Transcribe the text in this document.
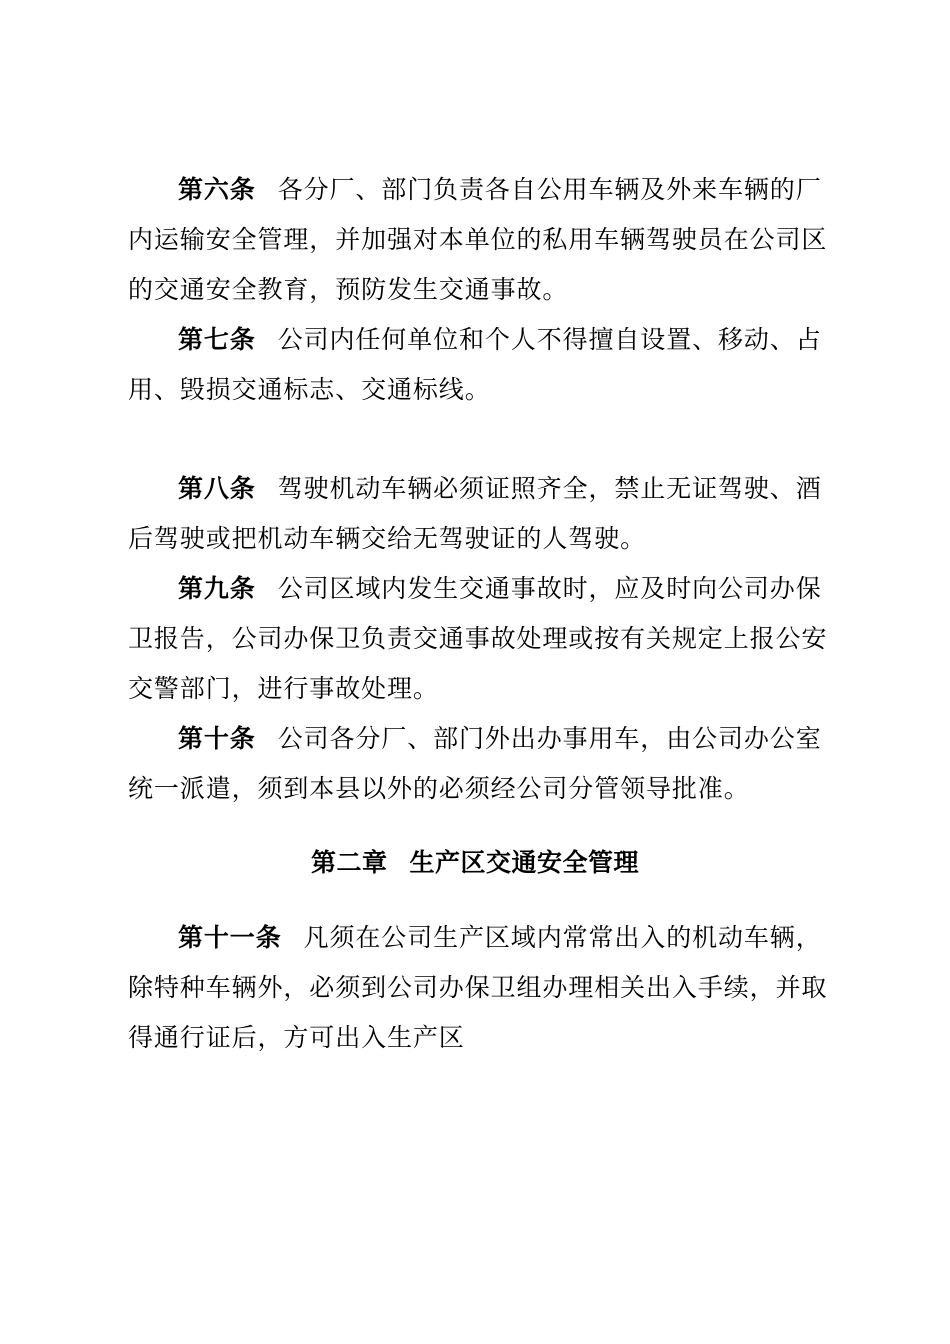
第六条 各分厂、部门负责各自公用车辆及外来车辆的厂
内运输安全管理，并加强对本单位的私用车辆驾驶员在公司区
的交通安全教育，预防发生交通事故。
第七条 公司内任何单位和个人不得擅自设置、移动、占
用、毁损交通标志、交通标线。
第八条 驾驶机动车辆必须证照齐全，禁止无证驾驶、酒
后驾驶或把机动车辆交给无驾驶证的人驾驶。
第九条 公司区域内发生交通事故时，应及时向公司办保
卫报告，公司办保卫负责交通事故处理或按有关规定上报公安
交警部门，进行事故处理。
第十条 公司各分厂、部门外出办事用车，由公司办公室
统一派遣，须到本县以外的必须经公司分管领导批准。
第二章 生产区交通安全管理
第十一条 凡须在公司生产区域内常常出入的机动车辆，
除特种车辆外，必须到公司办保卫组办理相关出入手续，并取
得通行证后，方可出入生产区
